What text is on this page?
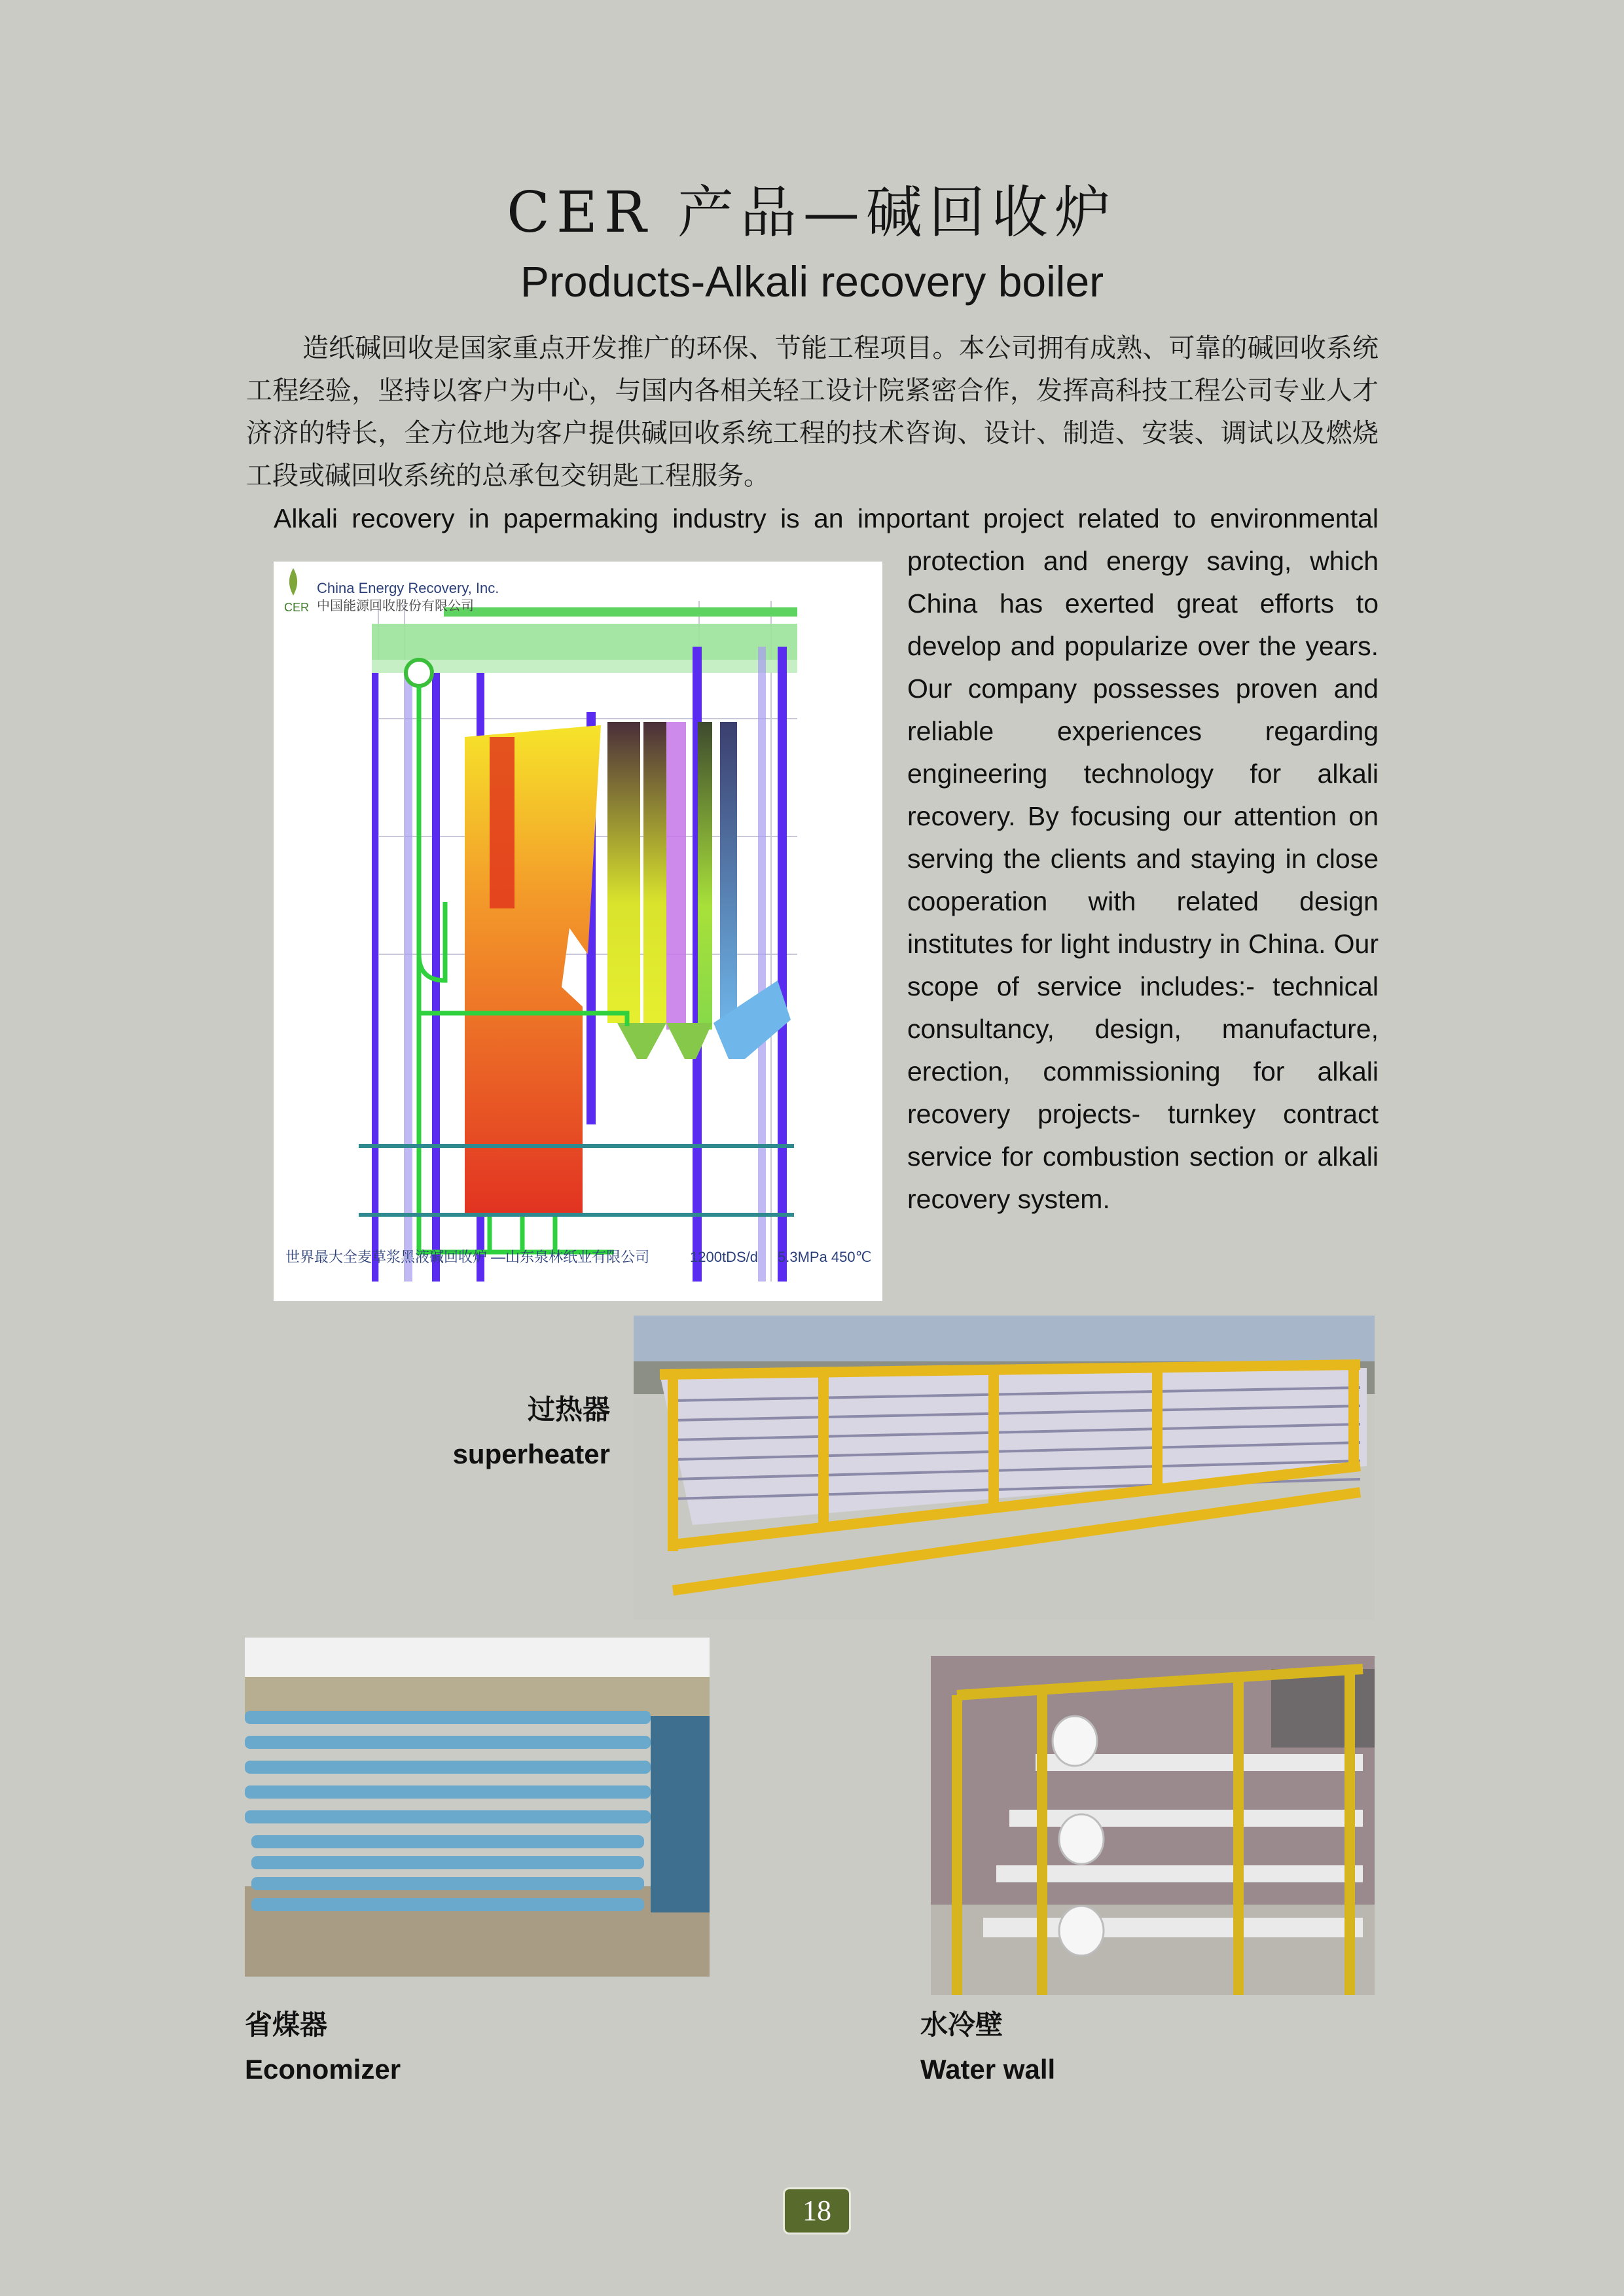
CER 产品—碱回收炉
Products-Alkali recovery boiler
造纸碱回收是国家重点开发推广的环保、节能工程项目。本公司拥有成熟、可靠的碱回收系统工程经验，坚持以客户为中心，与国内各相关轻工设计院紧密合作，发挥高科技工程公司专业人才济济的特长，全方位地为客户提供碱回收系统工程的技术咨询、设计、制造、安装、调试以及燃烧工段或碱回收系统的总承包交钥匙工程服务。
Alkali recovery in papermaking industry is an important project related to environmental
protection and energy saving, which China has exerted great efforts to develop and popularize over the years. Our company possesses proven and reliable experiences regarding engineering technology for alkali recovery. By focusing our attention on serving the clients and staying in close cooperation with related design institutes for light industry in China. Our scope of service includes:- technical consultancy, design, manufacture, erection, commissioning for alkali recovery projects- turnkey contract service for combustion section or alkali recovery system.
CER
China Energy Recovery, Inc.
中国能源回收股份有限公司
世界最大全麦草浆黑液碱回收炉 —山东泉林纸业有限公司	1200tDS/d 5.3MPa 450℃
过热器
superheater
省煤器
Economizer
水冷壁
Water wall
18
